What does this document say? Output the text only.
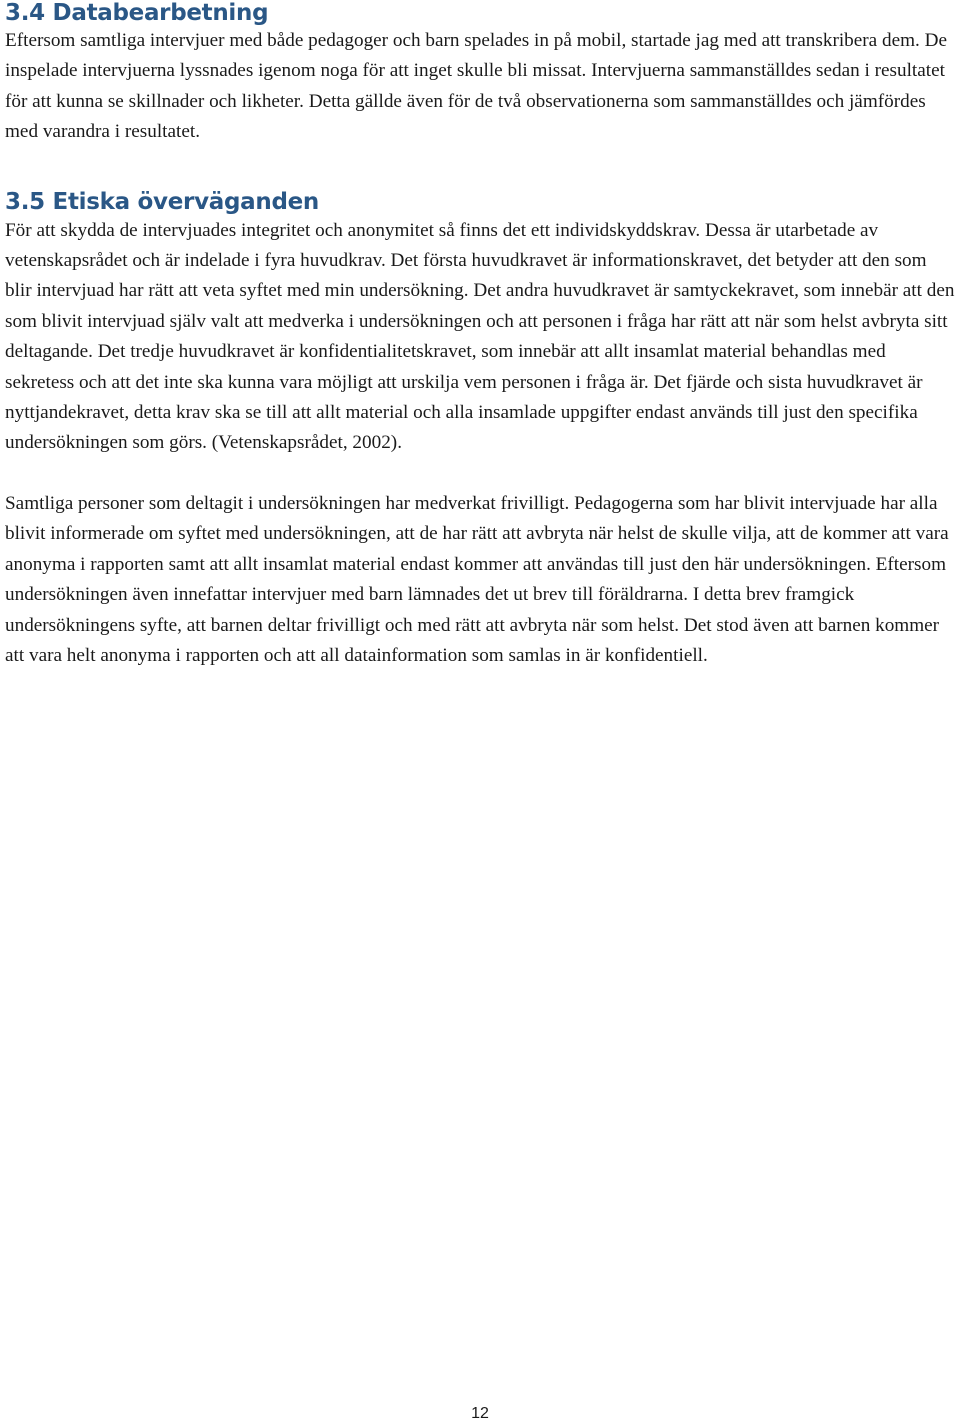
3.4 Databearbetning

Eftersom samtliga intervjuer med både pedagoger och barn spelades in på mobil, startade jag med att transkribera dem. De inspelade intervjuerna lyssnades igenom noga för att inget skulle bli missat. Intervjuerna sammanställdes sedan i resultatet för att kunna se skillnader och likheter. Detta gällde även för de två observationerna som sammanställdes och jämfördes med varandra i resultatet.

3.5 Etiska överväganden

För att skydda de intervjuades integritet och anonymitet så finns det ett individskyddskrav. Dessa är utarbetade av vetenskapsrådet och är indelade i fyra huvudkrav. Det första huvudkravet är informationskravet, det betyder att den som blir intervjuad har rätt att veta syftet med min undersökning. Det andra huvudkravet är samtyckekravet, som innebär att den som blivit intervjuad själv valt att medverka i undersökningen och att personen i fråga har rätt att när som helst avbryta sitt deltagande. Det tredje huvudkravet är konfidentialitetskravet, som innebär att allt insamlat material behandlas med sekretess och att det inte ska kunna vara möjligt att urskilja vem personen i fråga är. Det fjärde och sista huvudkravet är nyttjandekravet, detta krav ska se till att allt material och alla insamlade uppgifter endast används till just den specifika undersökningen som görs. (Vetenskapsrådet, 2002).

Samtliga personer som deltagit i undersökningen har medverkat frivilligt. Pedagogerna som har blivit intervjuade har alla blivit informerade om syftet med undersökningen, att de har rätt att avbryta när helst de skulle vilja, att de kommer att vara anonyma i rapporten samt att allt insamlat material endast kommer att användas till just den här undersökningen. Eftersom undersökningen även innefattar intervjuer med barn lämnades det ut brev till föräldrarna. I detta brev framgick undersökningens syfte, att barnen deltar frivilligt och med rätt att avbryta när som helst. Det stod även att barnen kommer att vara helt anonyma i rapporten och att all datainformation som samlas in är konfidentiell.

12
